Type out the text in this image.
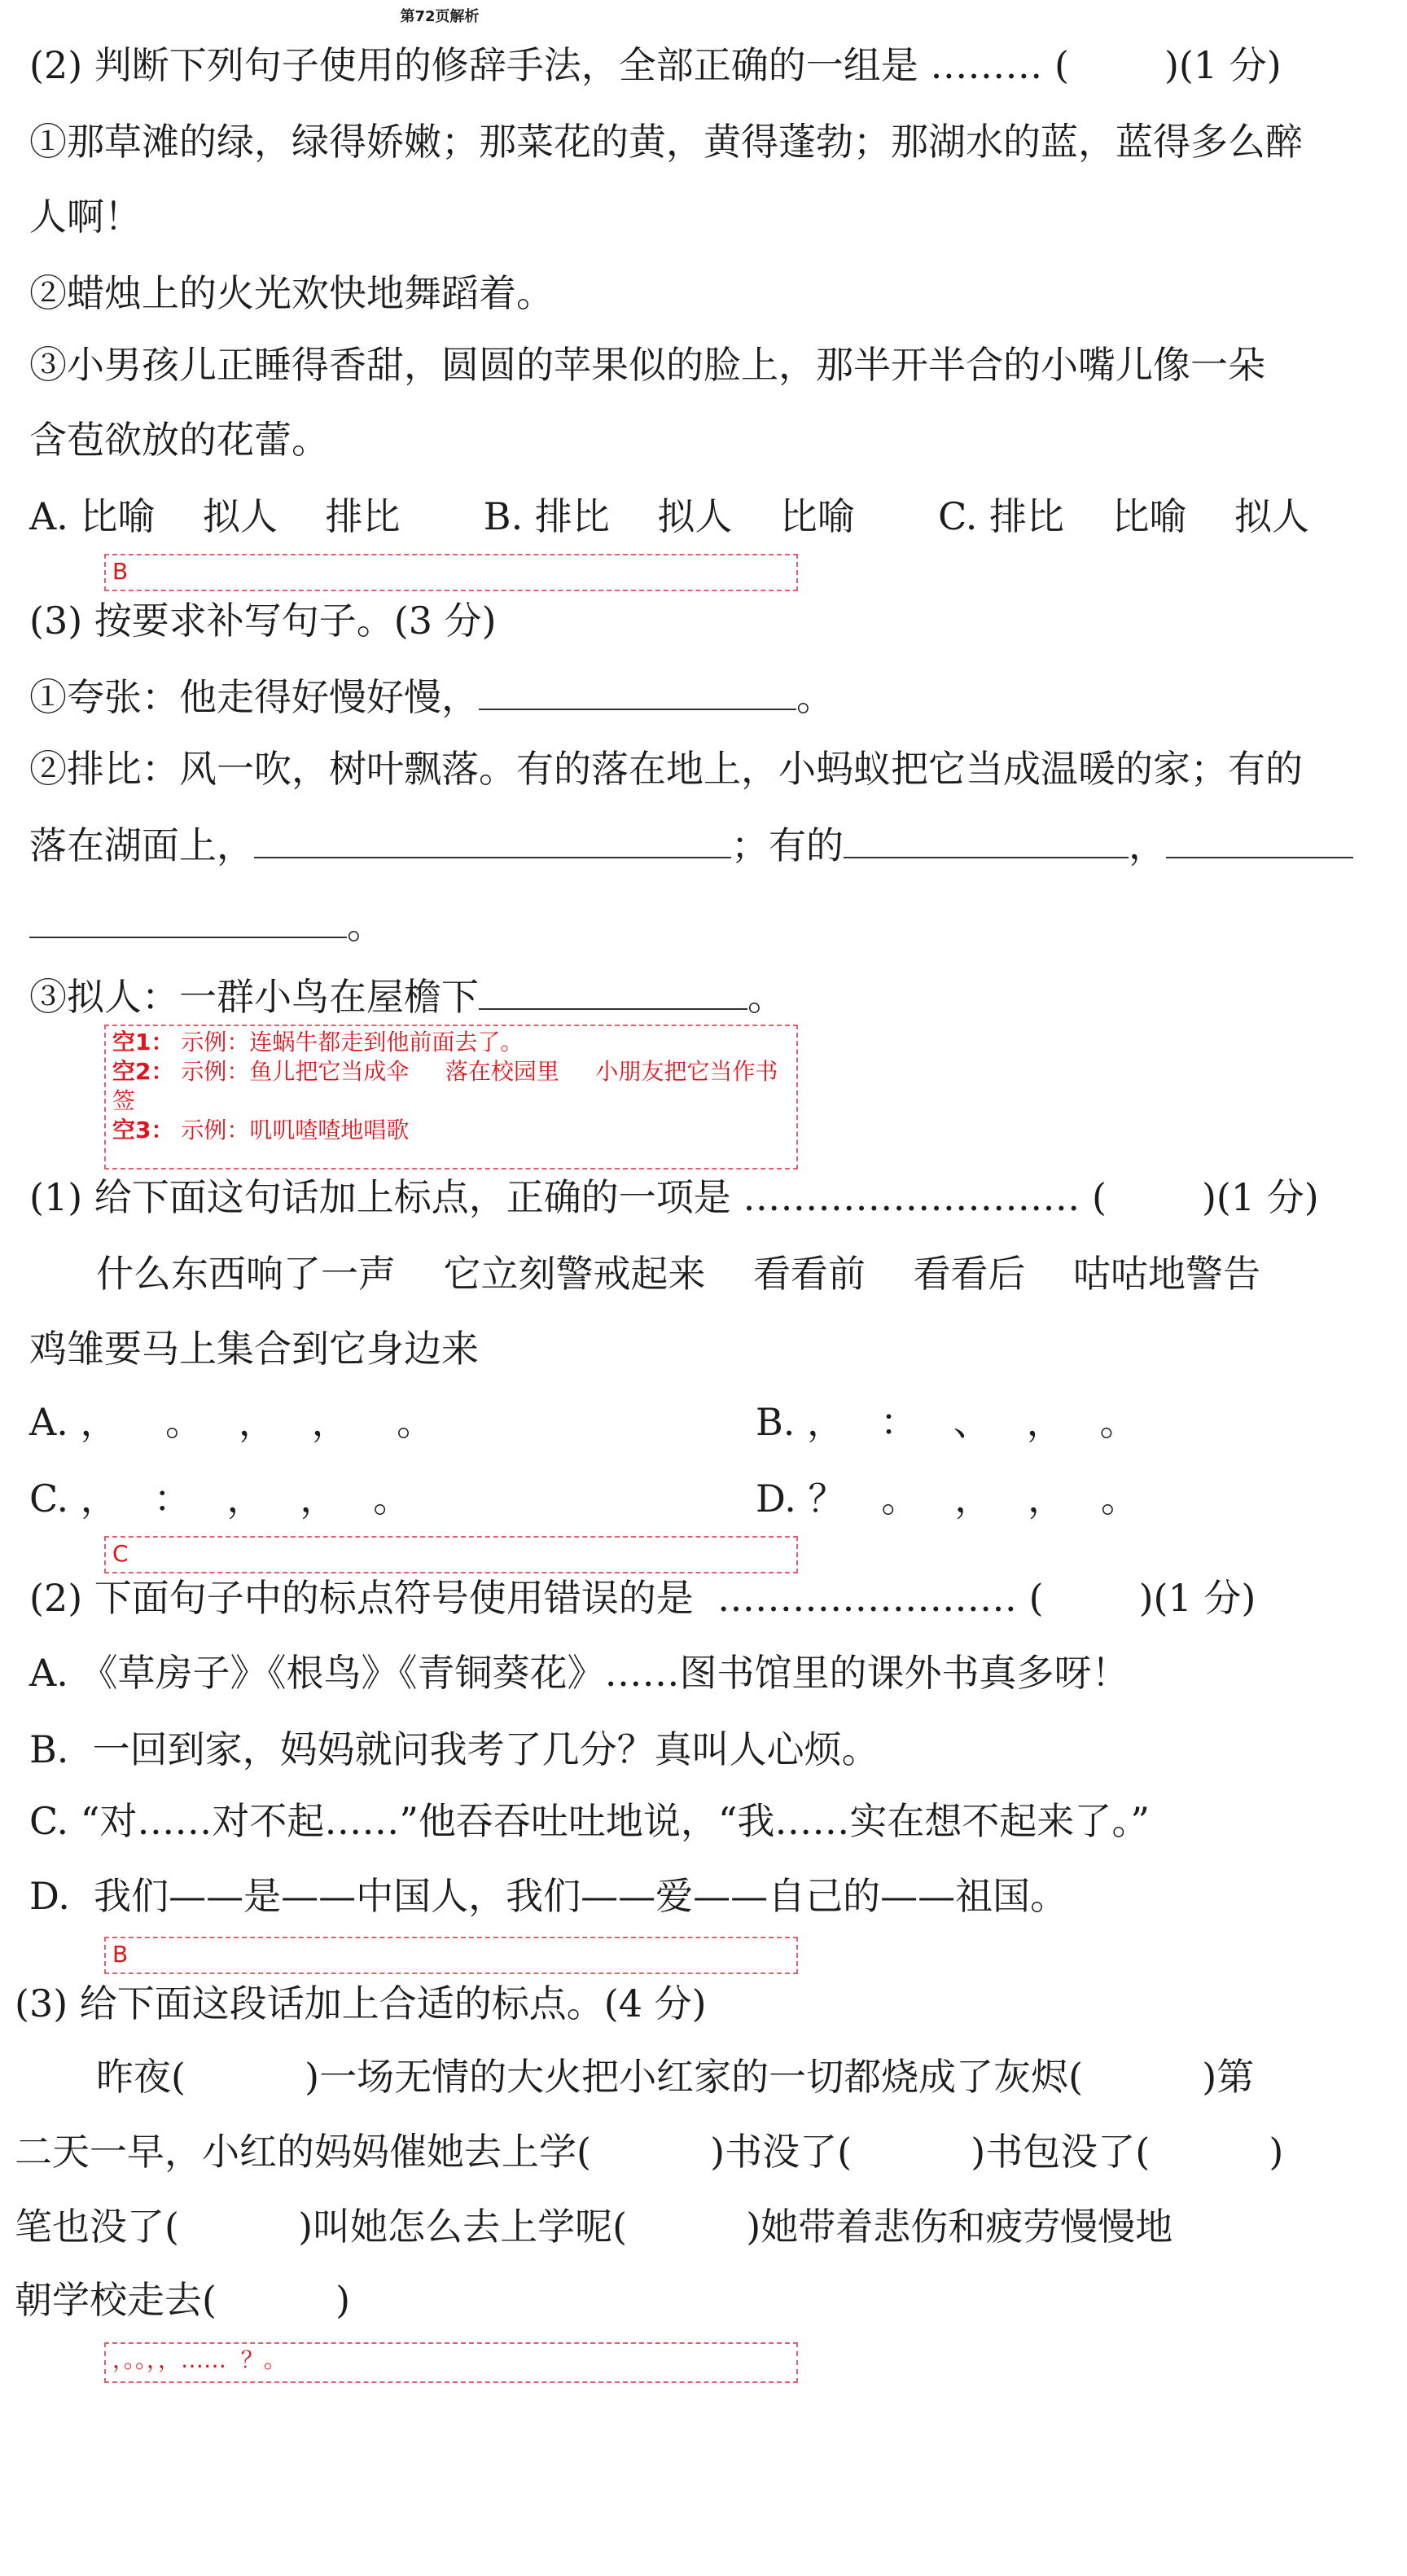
第72页解析
(2) 判断下列句子使用的修辞手法，全部正确的一组是 ……… (        )(1 分)
①那草滩的绿，绿得娇嫩；那菜花的黄，黄得蓬勃；那湖水的蓝，蓝得多么醉
人啊！
②蜡烛上的火光欢快地舞蹈着。
③小男孩儿正睡得香甜，圆圆的苹果似的脸上，那半开半合的小嘴儿像一朵
含苞欲放的花蕾。
A. 比喻    拟人    排比       B. 排比    拟人    比喻       C. 排比    比喻    拟人
B
(3) 按要求补写句子。(3 分)
①夸张：他走得好慢好慢，	。
②排比：风一吹，树叶飘落。有的落在地上，小蚂蚁把它当成温暖的家；有的
落在湖面上，	；有的	，
。
③拟人：一群小鸟在屋檐下	。
空1： 示例：连蜗牛都走到他前面去了。
空2： 示例：鱼儿把它当成伞     落在校园里     小朋友把它当作书签
空3： 示例：叽叽喳喳地唱歌
(1) 给下面这句话加上标点，正确的一项是 ……………………… (        )(1 分)
什么东西响了一声    它立刻警戒起来    看看前    看看后    咕咕地警告
鸡雏要马上集合到它身边来
A. ，    。   ，   ，    。	B. ，   ：   、   ，   。
C. ，   ：   ，   ，   。	D. ？   。   ，   ，   。
C
(2) 下面句子中的标点符号使用错误的是  …………………… (        )(1 分)
A. 《草房子》《根鸟》《青铜葵花》……图书馆里的课外书真多呀！
B.  一回到家，妈妈就问我考了几分？真叫人心烦。
C. “对……对不起……”他吞吞吐吐地说，“我……实在想不起来了。”
D.  我们——是——中国人，我们——爱——自己的——祖国。
B
(3) 给下面这段话加上合适的标点。(4 分)
昨夜(          )一场无情的大火把小红家的一切都烧成了灰烬(          )第
二天一早，小红的妈妈催她去上学(          )书没了(          )书包没了(          )
笔也没了(          )叫她怎么去上学呢(          )她带着悲伤和疲劳慢慢地
朝学校走去(          )
，。。，，……  ？。
